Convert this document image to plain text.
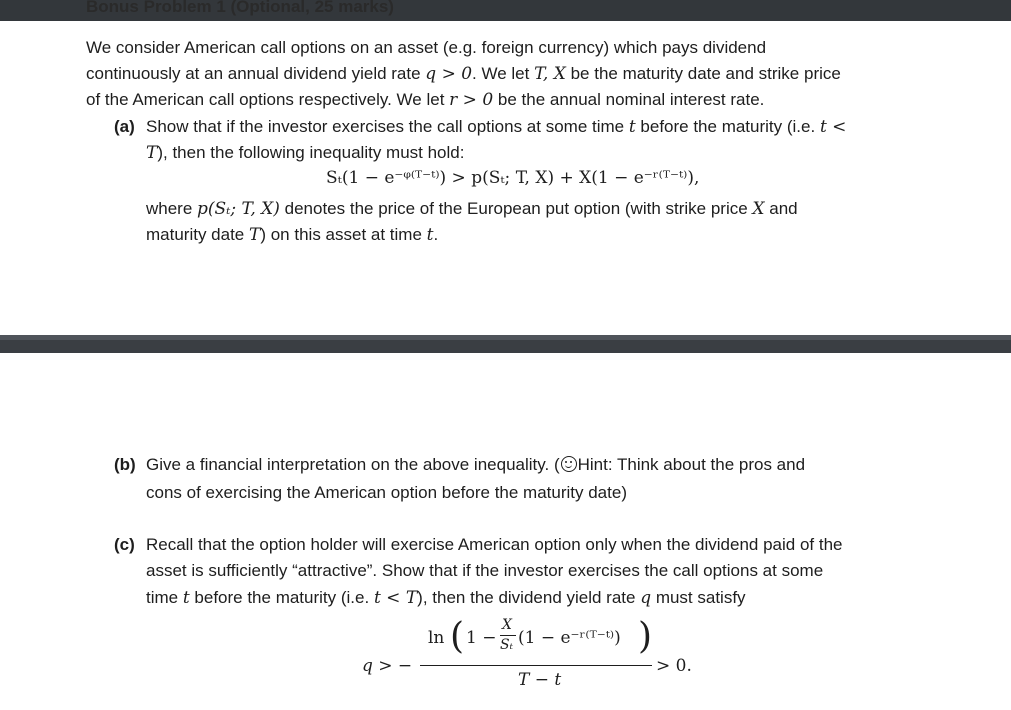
Bonus Problem 1 (Optional, 25 marks)
We consider American call options on an asset (e.g. foreign currency) which pays dividend
continuously at an annual dividend yield rate q > 0. We let T, X be the maturity date and strike price
of the American call options respectively. We let r > 0 be the annual nominal interest rate.
(a) Show that if the investor exercises the call options at some time t before the maturity (i.e. t <
T), then the following inequality must hold:
Sₜ(1 − e⁻ᵠ⁽ᵀ⁻ᵗ⁾) > p(Sₜ; T, X) + X(1 − e⁻ʳ⁽ᵀ⁻ᵗ⁾),
where p(Sₜ; T, X) denotes the price of the European put option (with strike price X and
maturity date T) on this asset at time t.
(b) Give a financial interpretation on the above inequality. ( Hint: Think about the pros and
cons of exercising the American option before the maturity date)
(c) Recall that the option holder will exercise American option only when the dividend paid of the
asset is sufficiently “attractive”. Show that if the investor exercises the call options at some
time t before the maturity (i.e. t < T), then the dividend yield rate q must satisfy
q > −
ln ( 1 −
X
Sₜ (1 − e⁻ʳ⁽ᵀ⁻ᵗ⁾) )
T − t
> 0.
